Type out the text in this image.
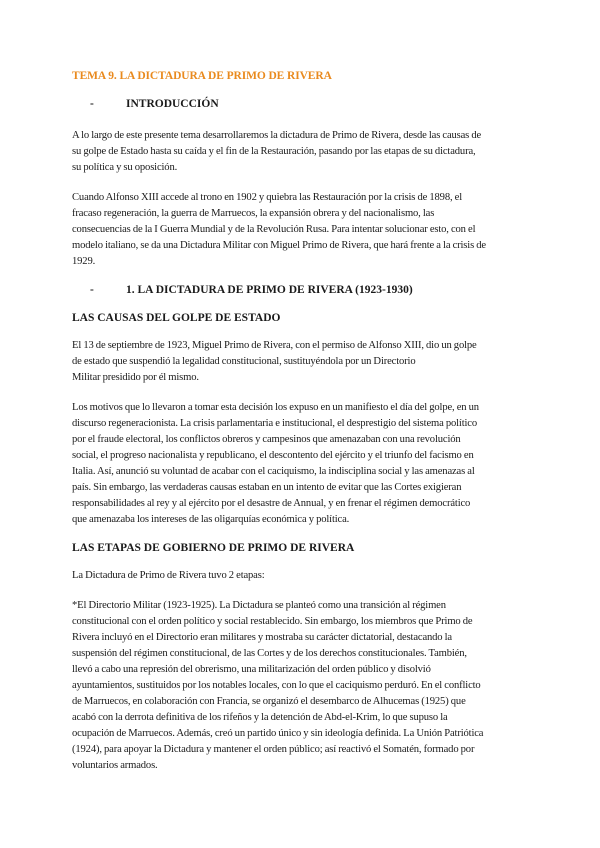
TEMA 9. LA DICTADURA DE PRIMO DE RIVERA
-	INTRODUCCIÓN
A lo largo de este presente tema desarrollaremos la dictadura de Primo de Rivera, desde las causas de
su golpe de Estado hasta su caída y el fin de la Restauración, pasando por las etapas de su dictadura,
su política y su oposición.
Cuando Alfonso XIII accede al trono en 1902 y quiebra las Restauración por la crisis de 1898, el
fracaso regeneración, la guerra de Marruecos, la expansión obrera y del nacionalismo, las
consecuencias de la I Guerra Mundial y de la Revolución Rusa. Para intentar solucionar esto, con el
modelo italiano, se da una Dictadura Militar con Miguel Primo de Rivera, que hará frente a la crisis de
1929.
-	1. LA DICTADURA DE PRIMO DE RIVERA (1923-1930)
LAS CAUSAS DEL GOLPE DE ESTADO
El 13 de septiembre de 1923, Miguel Primo de Rivera, con el permiso de Alfonso XIII, dio un golpe
de estado que suspendió la legalidad constitucional, sustituyéndola por un Directorio
Militar presidido por él mismo.
Los motivos que lo llevaron a tomar esta decisión los expuso en un manifiesto el día del golpe, en un
discurso regeneracionista. La crisis parlamentaria e institucional, el desprestigio del sistema político
por el fraude electoral, los conflictos obreros y campesinos que amenazaban con una revolución
social, el progreso nacionalista y republicano, el descontento del ejército y el triunfo del facismo en
Italia. Así, anunció su voluntad de acabar con el caciquismo, la indisciplina social y las amenazas al
país. Sin embargo, las verdaderas causas estaban en un intento de evitar que las Cortes exigieran
responsabilidades al rey y al ejército por el desastre de Annual, y en frenar el régimen democrático
que amenazaba los intereses de las oligarquías económica y política.
LAS ETAPAS DE GOBIERNO DE PRIMO DE RIVERA
La Dictadura de Primo de Rivera tuvo 2 etapas:
*El Directorio Militar (1923-1925). La Dictadura se planteó como una transición al régimen
constitucional con el orden político y social restablecido. Sin embargo, los miembros que Primo de
Rivera incluyó en el Directorio eran militares y mostraba su carácter dictatorial, destacando la
suspensión del régimen constitucional, de las Cortes y de los derechos constitucionales. También,
llevó a cabo una represión del obrerismo, una militarización del orden público y disolvió
ayuntamientos, sustituidos por los notables locales, con lo que el caciquismo perduró. En el conflicto
de Marruecos, en colaboración con Francia, se organizó el desembarco de Alhucemas (1925) que
acabó con la derrota definitiva de los rifeños y la detención de Abd-el-Krim, lo que supuso la
ocupación de Marruecos. Además, creó un partido único y sin ideología definida. La Unión Patriótica
(1924), para apoyar la Dictadura y mantener el orden público; así reactivó el Somatén, formado por
voluntarios armados.
